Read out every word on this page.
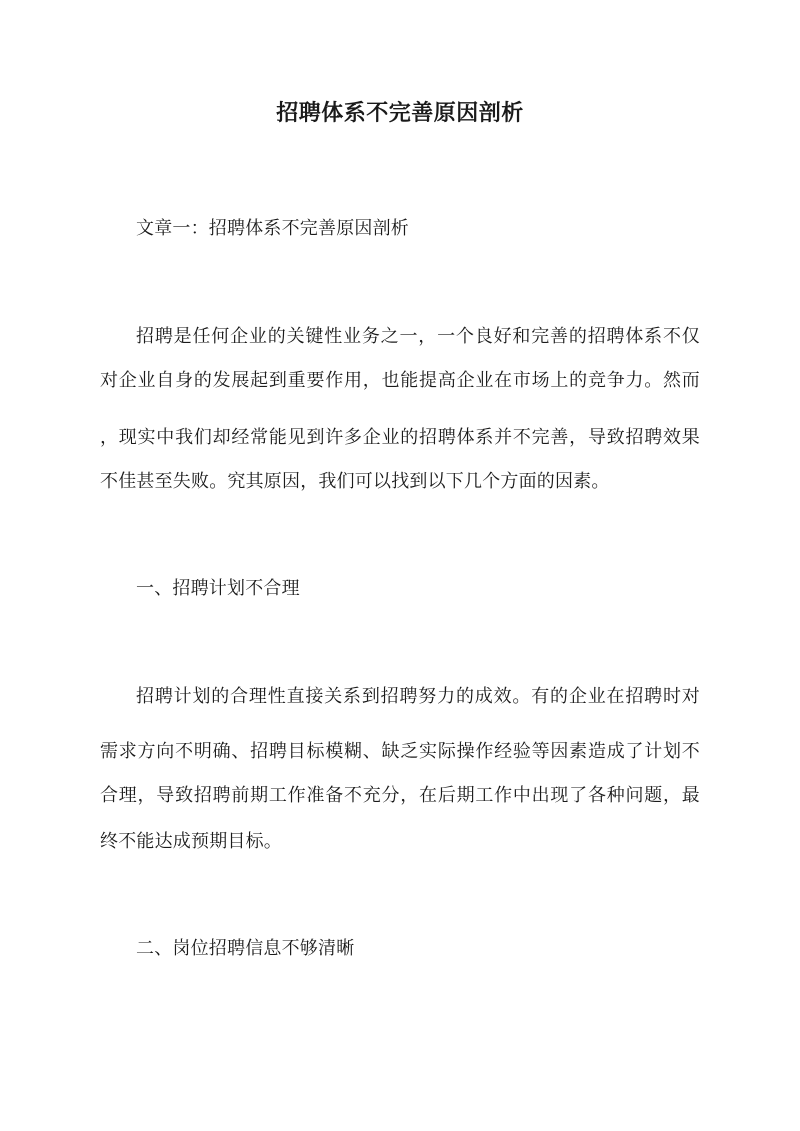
招聘体系不完善原因剖析
文章一：招聘体系不完善原因剖析
招聘是任何企业的关键性业务之一，一个良好和完善的招聘体系不仅
对企业自身的发展起到重要作用，也能提高企业在市场上的竞争力。然而
，现实中我们却经常能见到许多企业的招聘体系并不完善，导致招聘效果
不佳甚至失败。究其原因，我们可以找到以下几个方面的因素。
一、招聘计划不合理
招聘计划的合理性直接关系到招聘努力的成效。有的企业在招聘时对
需求方向不明确、招聘目标模糊、缺乏实际操作经验等因素造成了计划不
合理，导致招聘前期工作准备不充分，在后期工作中出现了各种问题，最
终不能达成预期目标。
二、岗位招聘信息不够清晰
